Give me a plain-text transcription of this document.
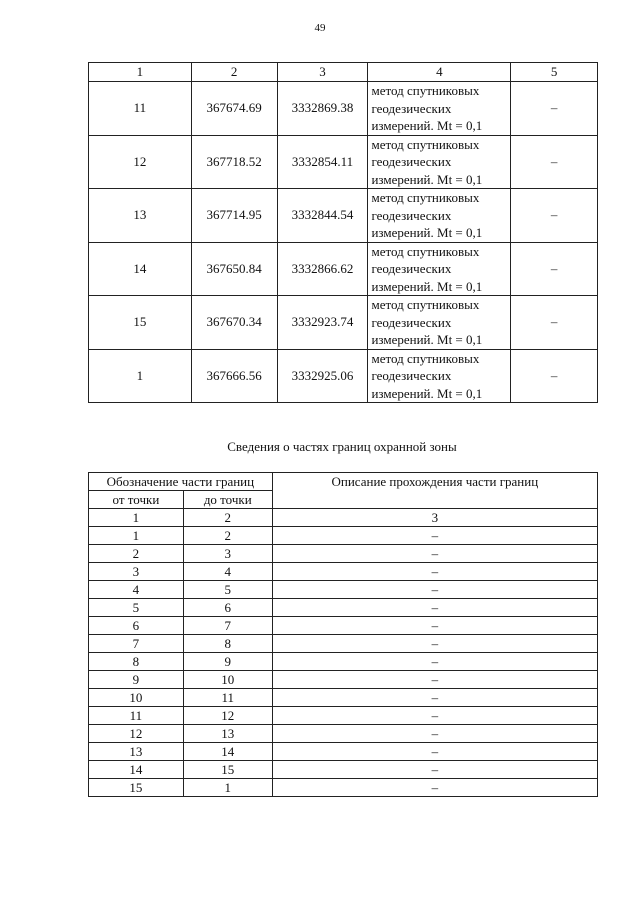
49
1	2	3	4	5
11	367674.69	3332869.38	метод спутниковых
геодезических
измерений. Mt = 0,1	–
12	367718.52	3332854.11	метод спутниковых
геодезических
измерений. Mt = 0,1	–
13	367714.95	3332844.54	метод спутниковых
геодезических
измерений. Mt = 0,1	–
14	367650.84	3332866.62	метод спутниковых
геодезических
измерений. Mt = 0,1	–
15	367670.34	3332923.74	метод спутниковых
геодезических
измерений. Mt = 0,1	–
1	367666.56	3332925.06	метод спутниковых
геодезических
измерений. Mt = 0,1	–
Сведения о частях границ охранной зоны
Обозначение части границ		Описание прохождения части границ
от точки	до точки	
1	2	3
1	2	–
2	3	–
3	4	–
4	5	–
5	6	–
6	7	–
7	8	–
8	9	–
9	10	–
10	11	–
11	12	–
12	13	–
13	14	–
14	15	–
15	1	–
